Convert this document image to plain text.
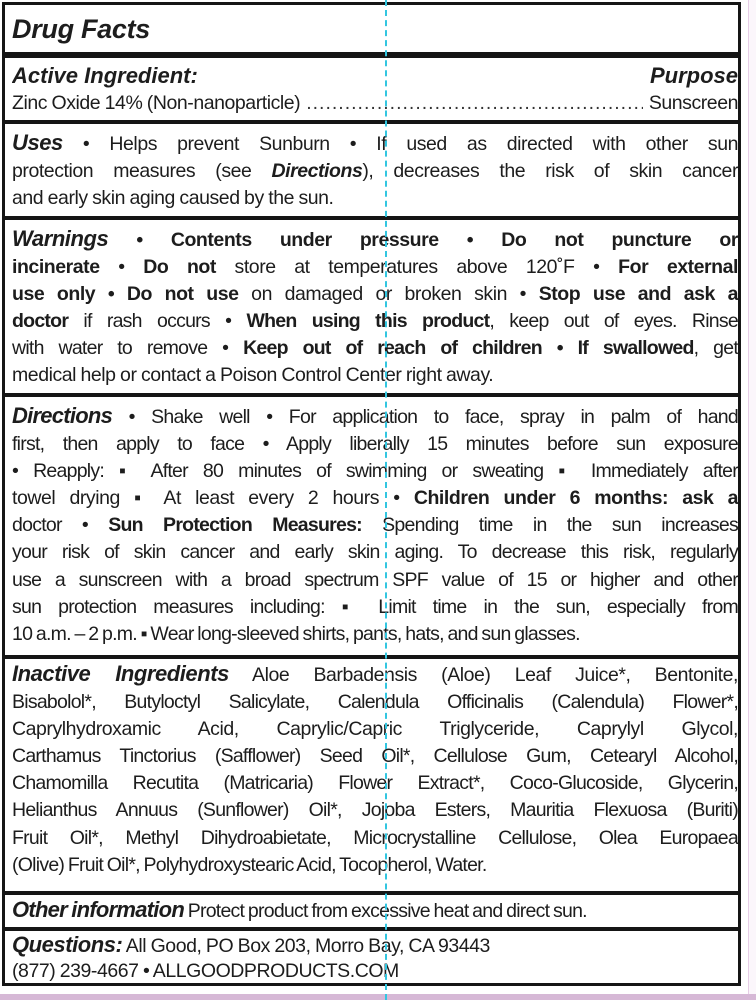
Drug Facts
Active Ingredient:	Purpose
Zinc Oxide 14% (Non-nanoparticle)
.....	Sunscreen
Uses • Helps prevent Sunburn • If used as directed with other sun
protection measures (see Directions), decreases the risk of skin cancer
and early skin aging caused by the sun.
Warnings • Contents under pressure • Do not puncture or
incinerate • Do not store at temperatures above 120˚F • For external
use only • Do not use on damaged or broken skin • Stop use and ask a
doctor if rash occurs • When using this product, keep out of eyes. Rinse
with water to remove • Keep out of reach of children • If swallowed, get
medical help or contact a Poison Control Center right away.
Directions • Shake well • For application to face, spray in palm of hand
first, then apply to face • Apply liberally 15 minutes before sun exposure
• Reapply: ▪ After 80 minutes of swimming or sweating ▪ Immediately after
towel drying ▪ At least every 2 hours • Children under 6 months: ask a
doctor • Sun Protection Measures: Spending time in the sun increases
your risk of skin cancer and early skin aging. To decrease this risk, regularly
use a sunscreen with a broad spectrum SPF value of 15 or higher and other
sun protection measures including: ▪ Limit time in the sun, especially from
10 a.m. – 2 p.m. ▪ Wear long-sleeved shirts, pants, hats, and sun glasses.
Inactive Ingredients Aloe Barbadensis (Aloe) Leaf Juice*, Bentonite,
Bisabolol*, Butyloctyl Salicylate, Calendula Officinalis (Calendula) Flower*,
Caprylhydroxamic Acid, Caprylic/Capric Triglyceride, Caprylyl Glycol,
Carthamus Tinctorius (Safflower) Seed Oil*, Cellulose Gum, Cetearyl Alcohol,
Chamomilla Recutita (Matricaria) Flower Extract*, Coco-Glucoside, Glycerin,
Helianthus Annuus (Sunflower) Oil*, Jojoba Esters, Mauritia Flexuosa (Buriti)
Fruit Oil*, Methyl Dihydroabietate, Microcrystalline Cellulose, Olea Europaea
(Olive) Fruit Oil*, Polyhydroxystearic Acid, Tocopherol, Water.
Other information Protect product from excessive heat and direct sun.
Questions: All Good, PO Box 203, Morro Bay, CA 93443
(877) 239-4667 • ALLGOODPRODUCTS.COM
